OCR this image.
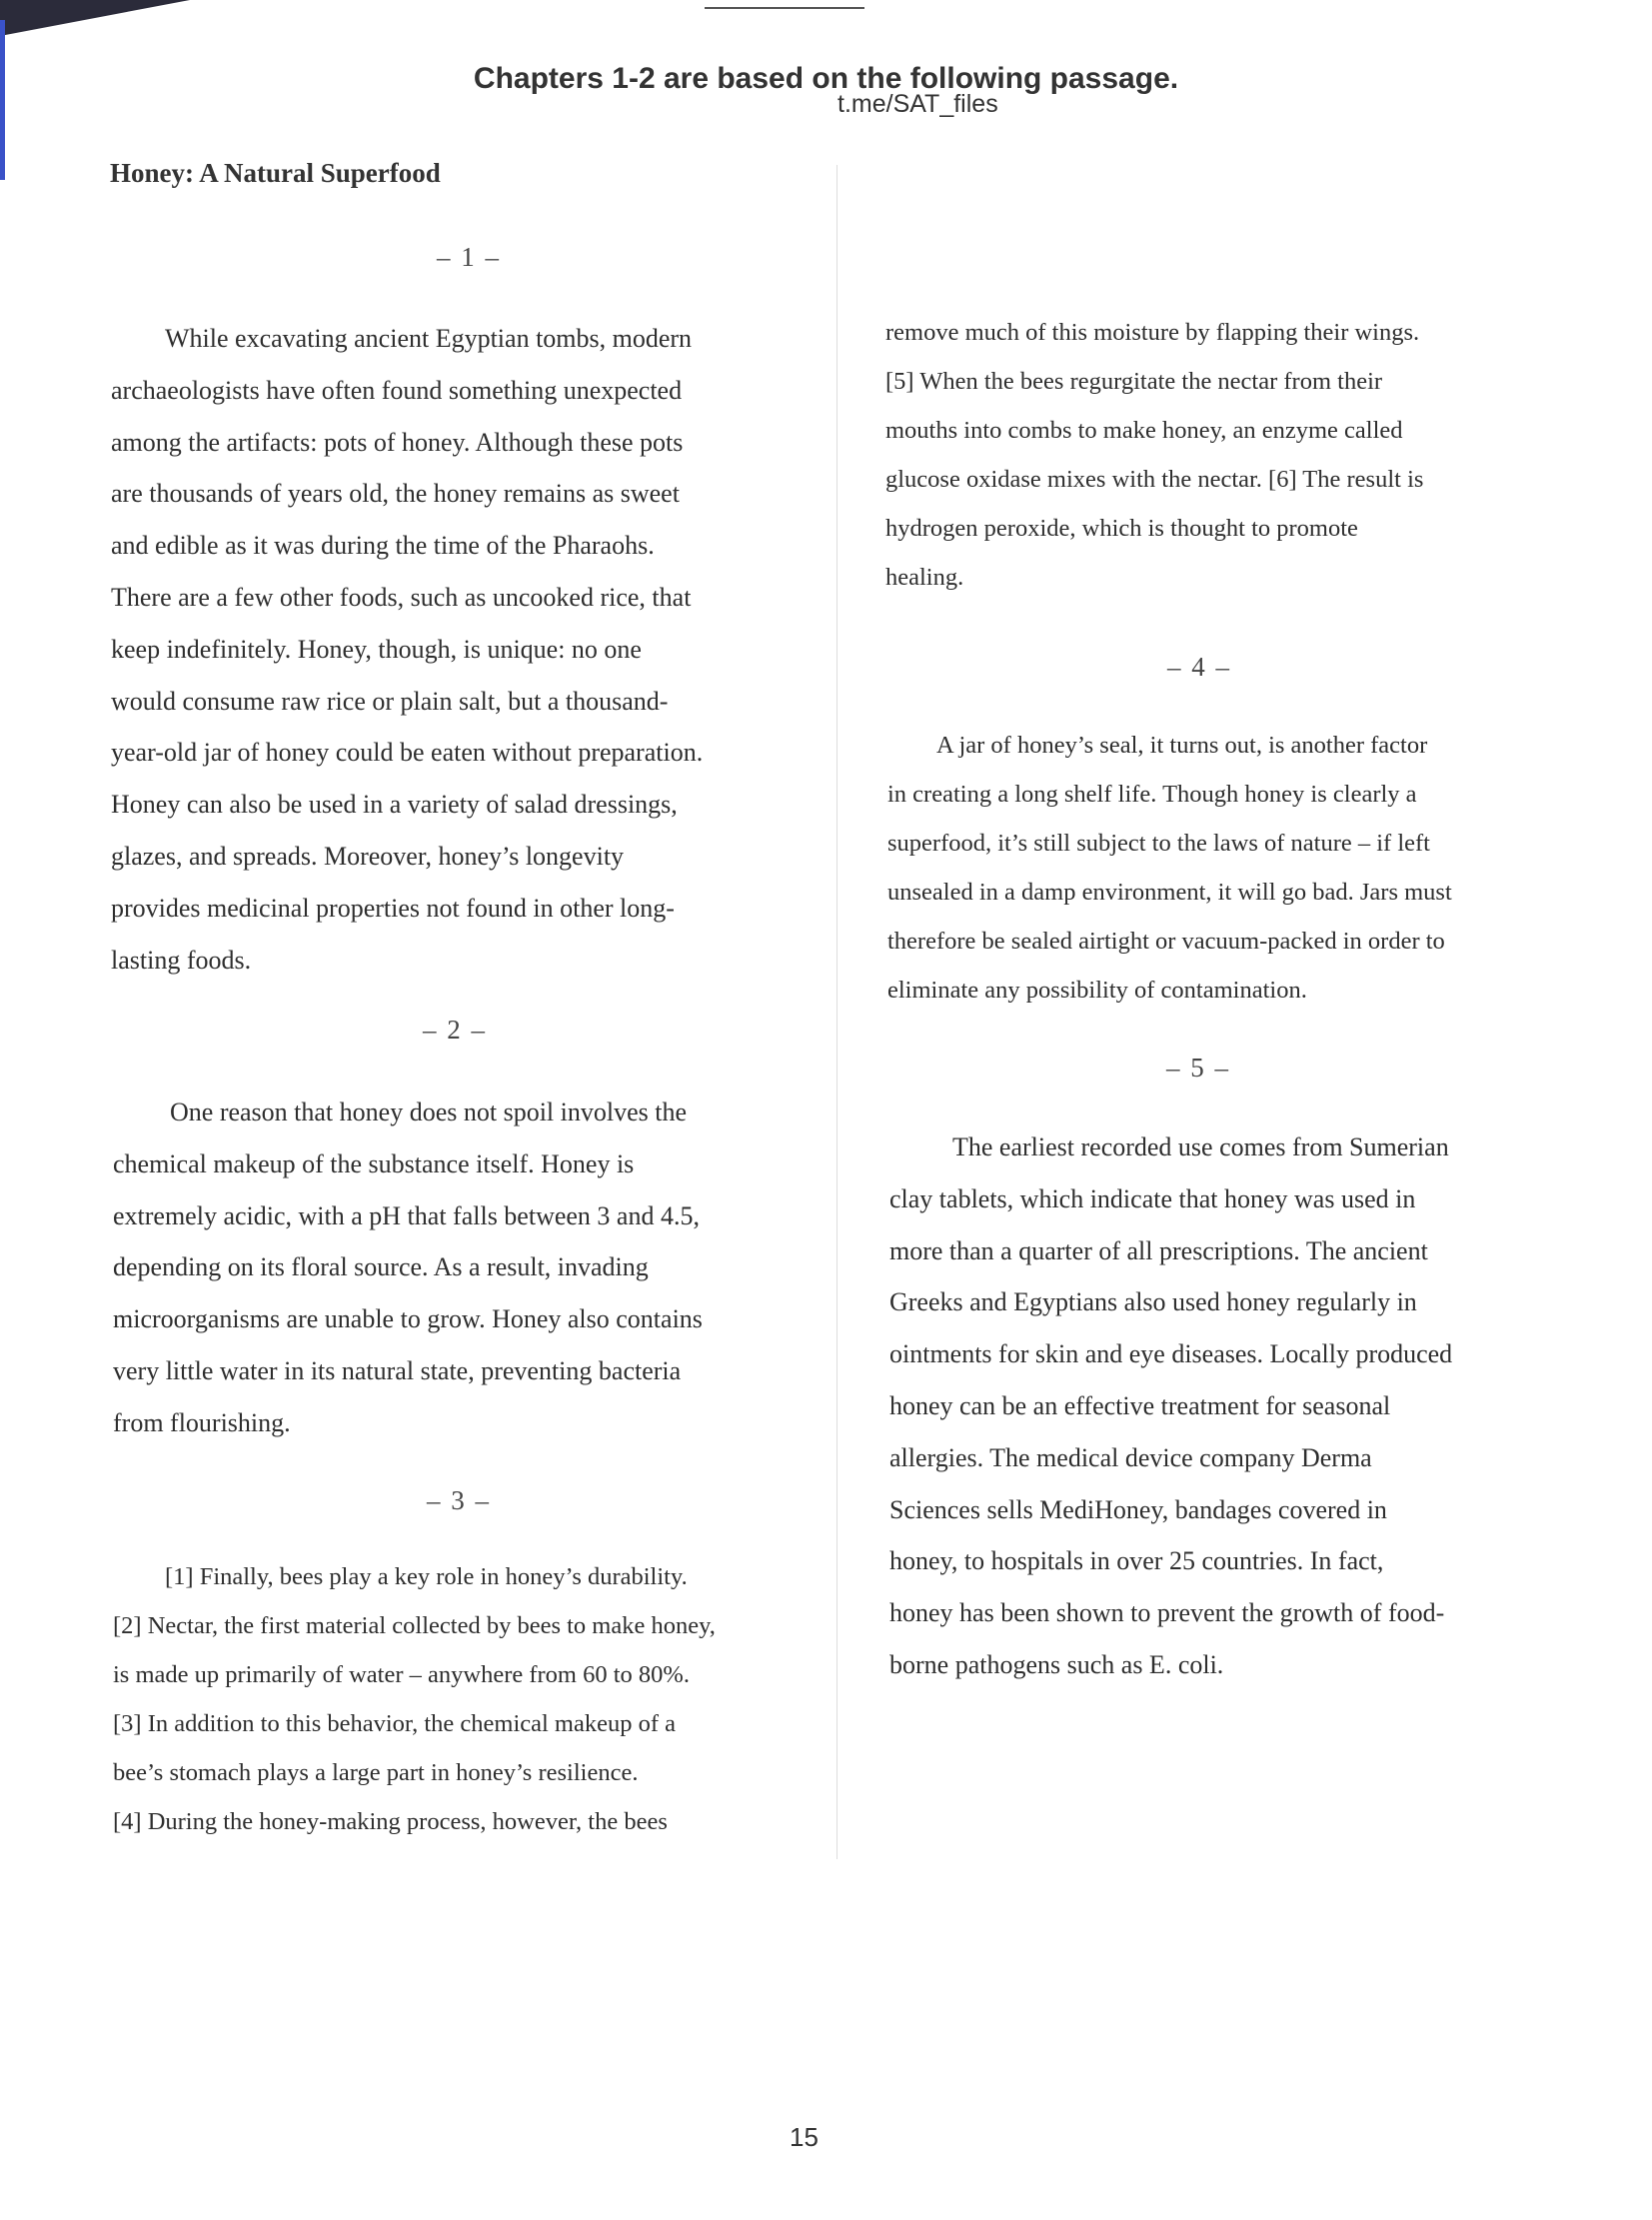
Chapters 1-2 are based on the following passage.
t.me/SAT_files
Honey: A Natural Superfood
– 1 –
While excavating ancient Egyptian tombs, modern
archaeologists have often found something unexpected
among the artifacts: pots of honey. Although these pots
are thousands of years old, the honey remains as sweet
and edible as it was during the time of the Pharaohs.
There are a few other foods, such as uncooked rice, that
keep indefinitely. Honey, though, is unique: no one
would consume raw rice or plain salt, but a thousand-
year-old jar of honey could be eaten without preparation.
Honey can also be used in a variety of salad dressings,
glazes, and spreads. Moreover, honey’s longevity
provides medicinal properties not found in other long-
lasting foods.
– 2 –
One reason that honey does not spoil involves the
chemical makeup of the substance itself. Honey is
extremely acidic, with a pH that falls between 3 and 4.5,
depending on its floral source. As a result, invading
microorganisms are unable to grow. Honey also contains
very little water in its natural state, preventing bacteria
from flourishing.
– 3 –
[1] Finally, bees play a key role in honey’s durability.
[2] Nectar, the first material collected by bees to make honey,
is made up primarily of water – anywhere from 60 to 80%.
[3] In addition to this behavior, the chemical makeup of a
bee’s stomach plays a large part in honey’s resilience.
[4] During the honey-making process, however, the bees
remove much of this moisture by flapping their wings.
[5] When the bees regurgitate the nectar from their
mouths into combs to make honey, an enzyme called
glucose oxidase mixes with the nectar. [6] The result is
hydrogen peroxide, which is thought to promote
healing.
– 4 –
A jar of honey’s seal, it turns out, is another factor
in creating a long shelf life. Though honey is clearly a
superfood, it’s still subject to the laws of nature – if left
unsealed in a damp environment, it will go bad. Jars must
therefore be sealed airtight or vacuum-packed in order to
eliminate any possibility of contamination.
– 5 –
The earliest recorded use comes from Sumerian
clay tablets, which indicate that honey was used in
more than a quarter of all prescriptions. The ancient
Greeks and Egyptians also used honey regularly in
ointments for skin and eye diseases. Locally produced
honey can be an effective treatment for seasonal
allergies. The medical device company Derma
Sciences sells MediHoney, bandages covered in
honey, to hospitals in over 25 countries. In fact,
honey has been shown to prevent the growth of food-
borne pathogens such as E. coli.
15
